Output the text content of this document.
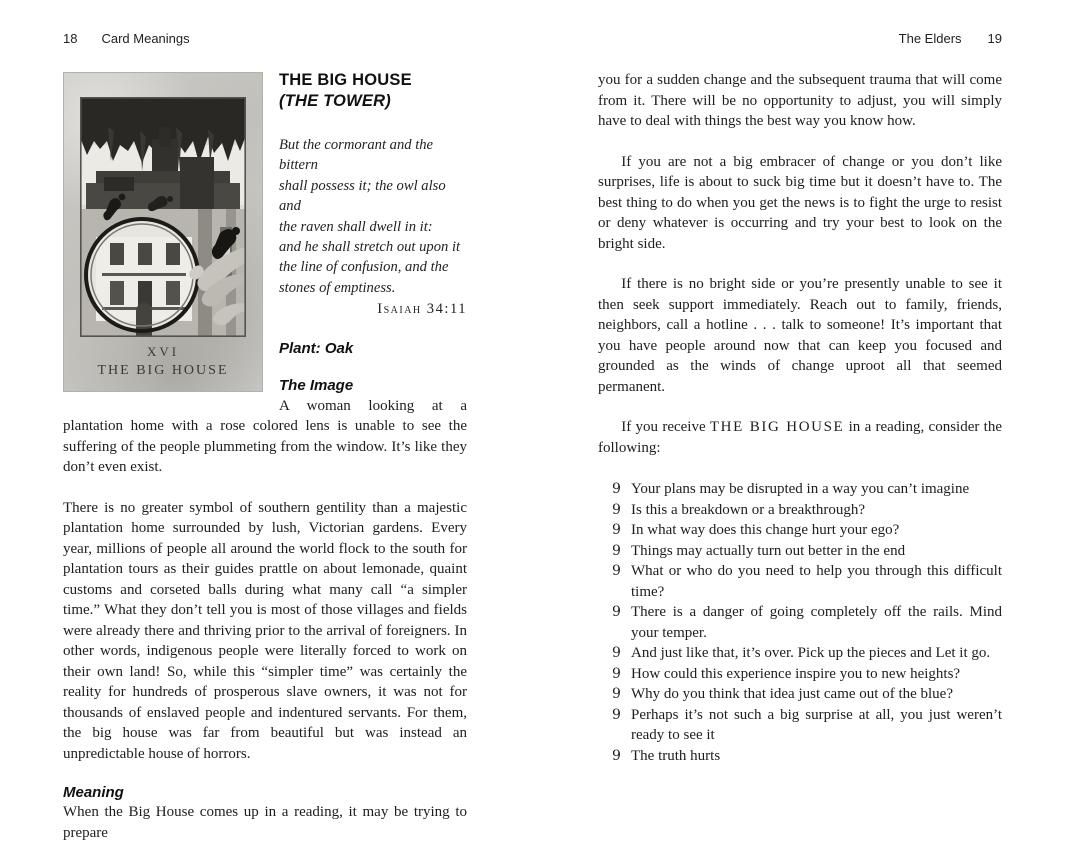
18 Card Meanings
XVI
THE BIG HOUSE
THE BIG HOUSE
(THE TOWER)
But the cormorant and the bittern
shall possess it; the owl also and
the raven shall dwell in it:
and he shall stretch out upon it
the line of confusion, and the
stones of emptiness.
Isaiah 34:11
Plant: Oak
The Image

A woman looking at a plantation home with a rose colored lens is unable to see the suffering of the people plummeting from the window. It’s like they don’t even exist.

There is no greater symbol of southern gentility than a majestic plantation home surrounded by lush, Victorian gardens. Every year, millions of people all around the world flock to the south for plantation tours as their guides prattle on about lemonade, quaint customs and corseted balls during what many call “a simpler time.” What they don’t tell you is most of those villages and fields were already there and thriving prior to the arrival of foreigners. In other words, indigenous people were literally forced to work on their own land! So, while this “simpler time” was certainly the reality for hundreds of prosperous slave owners, it was not for thousands of enslaved people and indentured servants. For them, the big house was far from beautiful but was instead an unpredictable house of horrors.

Meaning

When the Big House comes up in a reading, it may be trying to prepare

The Elders 19

you for a sudden change and the subsequent trauma that will come from it. There will be no opportunity to adjust, you will simply have to deal with things the best way you know how.

If you are not a big embracer of change or you don’t like surprises, life is about to suck big time but it doesn’t have to. The best thing to do when you get the news is to fight the urge to resist or deny whatever is occurring and try your best to look on the bright side.

If there is no bright side or you’re presently unable to see it then seek support immediately. Reach out to family, friends, neighbors, call a hotline . . . talk to someone! It’s important that you have people around now that can keep you focused and grounded as the winds of change uproot all that seemed permanent.

If you receive THE BIG HOUSE in a reading, consider the following:

9 Your plans may be disrupted in a way you can’t imagine
9 Is this a breakdown or a breakthrough?
9 In what way does this change hurt your ego?
9 Things may actually turn out better in the end
9 What or who do you need to help you through this difficult time?
9 There is a danger of going completely off the rails. Mind your temper.
9 And just like that, it’s over. Pick up the pieces and Let it go.
9 How could this experience inspire you to new heights?
9 Why do you think that idea just came out of the blue?
9 Perhaps it’s not such a big surprise at all, you just weren’t ready to see it
9 The truth hurts
